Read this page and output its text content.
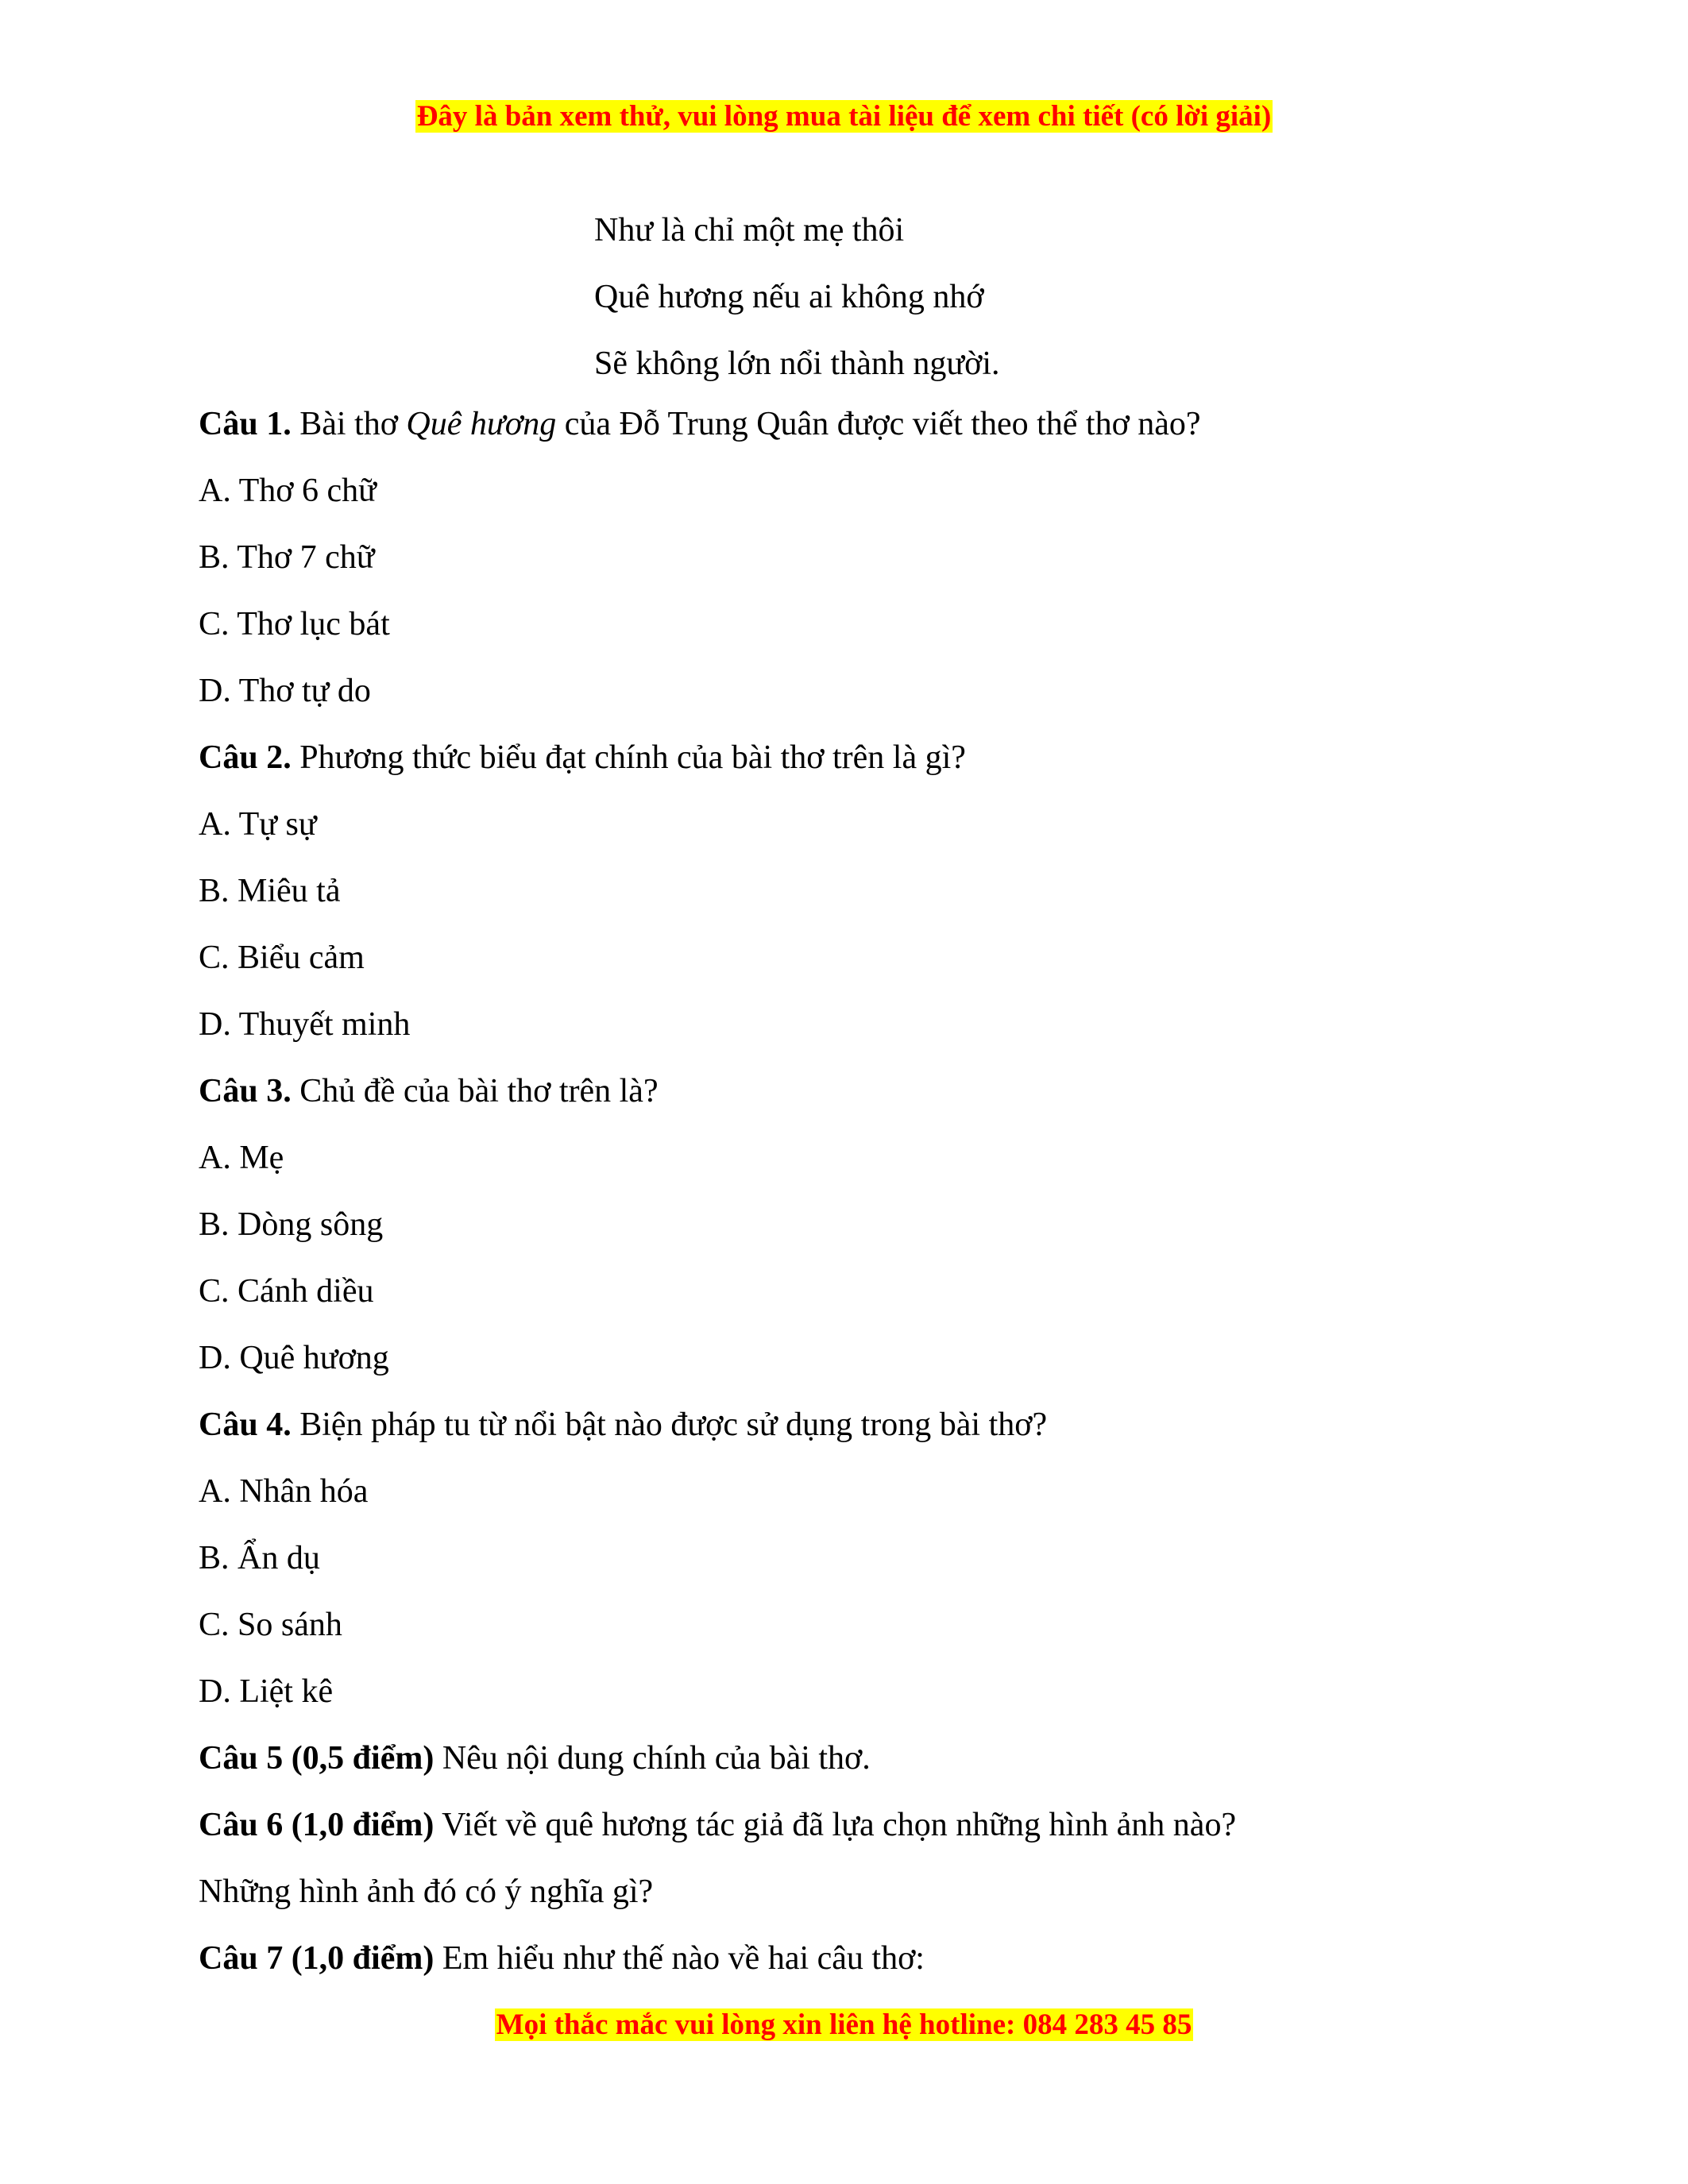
Đây là bản xem thử, vui lòng mua tài liệu để xem chi tiết (có lời giải)
Như là chỉ một mẹ thôi
Quê hương nếu ai không nhớ
Sẽ không lớn nổi thành người.
Câu 1. Bài thơ Quê hương của Đỗ Trung Quân được viết theo thể thơ nào?
A. Thơ 6 chữ
B. Thơ 7 chữ
C. Thơ lục bát
D. Thơ tự do
Câu 2. Phương thức biểu đạt chính của bài thơ trên là gì?
A. Tự sự
B. Miêu tả
C. Biểu cảm
D. Thuyết minh
Câu 3. Chủ đề của bài thơ trên là?
A. Mẹ
B. Dòng sông
C. Cánh diều
D. Quê hương
Câu 4. Biện pháp tu từ nổi bật nào được sử dụng trong bài thơ?
A. Nhân hóa
B. Ẩn dụ
C. So sánh
D. Liệt kê
Câu 5 (0,5 điểm) Nêu nội dung chính của bài thơ.
Câu 6 (1,0 điểm) Viết về quê hương tác giả đã lựa chọn những hình ảnh nào?
Những hình ảnh đó có ý nghĩa gì?
Câu 7 (1,0 điểm) Em hiểu như thế nào về hai câu thơ:
Mọi thắc mắc vui lòng xin liên hệ hotline: 084 283 45 85
